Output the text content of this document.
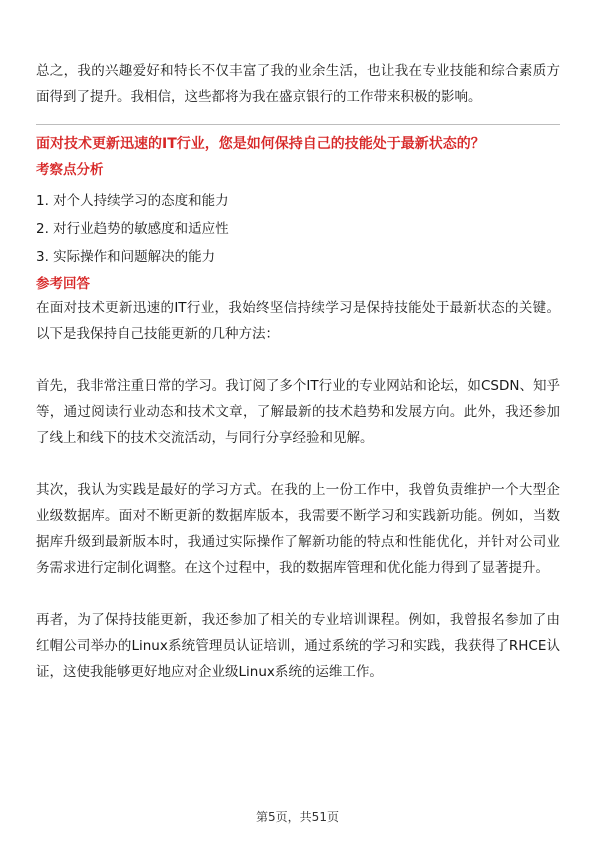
总之，我的兴趣爱好和特长不仅丰富了我的业余生活，也让我在专业技能和综合素质方面得到了提升。我相信，这些都将为我在盛京银行的工作带来积极的影响。

面对技术更新迅速的IT行业，您是如何保持自己的技能处于最新状态的？
考察点分析
1. 对个人持续学习的态度和能力
2. 对行业趋势的敏感度和适应性
3. 实际操作和问题解决的能力
参考回答

在面对技术更新迅速的IT行业，我始终坚信持续学习是保持技能处于最新状态的关键。以下是我保持自己技能更新的几种方法：

首先，我非常注重日常的学习。我订阅了多个IT行业的专业网站和论坛，如CSDN、知乎等，通过阅读行业动态和技术文章，了解最新的技术趋势和发展方向。此外，我还参加了线上和线下的技术交流活动，与同行分享经验和见解。

其次，我认为实践是最好的学习方式。在我的上一份工作中，我曾负责维护一个大型企业级数据库。面对不断更新的数据库版本，我需要不断学习和实践新功能。例如，当数据库升级到最新版本时，我通过实际操作了解新功能的特点和性能优化，并针对公司业务需求进行定制化调整。在这个过程中，我的数据库管理和优化能力得到了显著提升。

再者，为了保持技能更新，我还参加了相关的专业培训课程。例如，我曾报名参加了由红帽公司举办的Linux系统管理员认证培训，通过系统的学习和实践，我获得了RHCE认证，这使我能够更好地应对企业级Linux系统的运维工作。

第5页，共51页
